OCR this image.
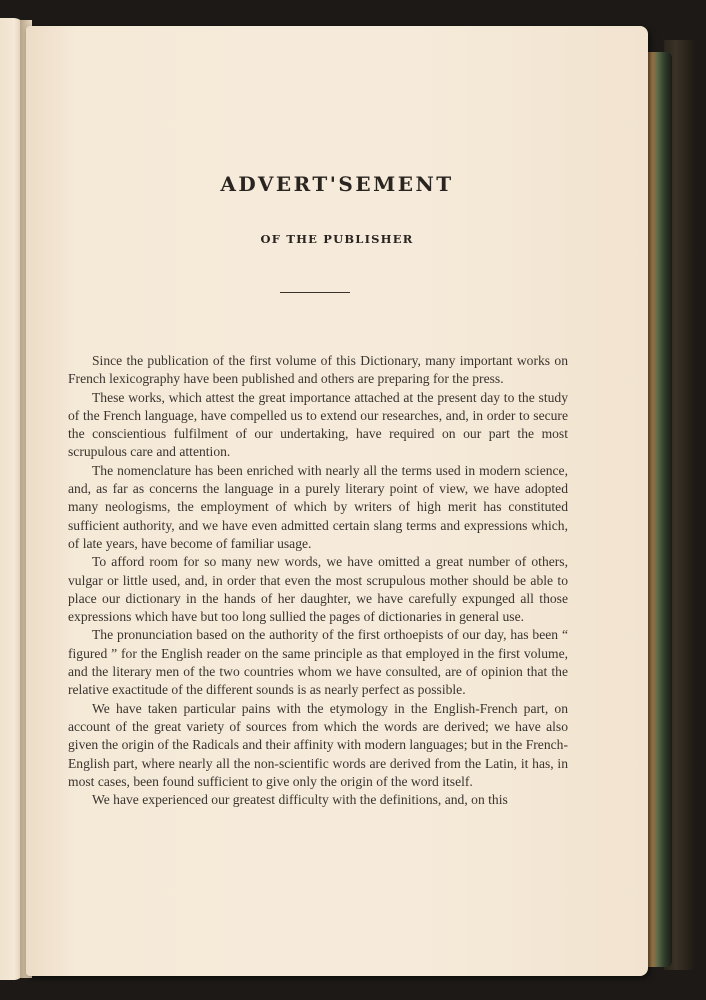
ADVERT'SEMENT
OF THE PUBLISHER

Since the publication of the first volume of this Dictionary, many important works on French lexicography have been published and others are preparing for the press.

These works, which attest the great importance attached at the present day to the study of the French language, have compelled us to extend our researches, and, in order to secure the conscientious fulfilment of our undertaking, have required on our part the most scrupulous care and attention.

The nomenclature has been enriched with nearly all the terms used in modern science, and, as far as concerns the language in a purely literary point of view, we have adopted many neologisms, the employment of which by writers of high merit has constituted sufficient authority, and we have even admitted certain slang terms and expressions which, of late years, have become of familiar usage.

To afford room for so many new words, we have omitted a great number of others, vulgar or little used, and, in order that even the most scrupulous mother should be able to place our dictionary in the hands of her daughter, we have carefully expunged all those expressions which have but too long sullied the pages of dictionaries in general use.

The pronunciation based on the authority of the first orthoepists of our day, has been “ figured ” for the English reader on the same principle as that employed in the first volume, and the literary men of the two countries whom we have consulted, are of opinion that the relative exactitude of the different sounds is as nearly perfect as possible.

We have taken particular pains with the etymology in the English-French part, on account of the great variety of sources from which the words are derived; we have also given the origin of the Radicals and their affinity with modern languages; but in the French-English part, where nearly all the non-scientific words are derived from the Latin, it has, in most cases, been found sufficient to give only the origin of the word itself.

We have experienced our greatest difficulty with the definitions, and, on this
